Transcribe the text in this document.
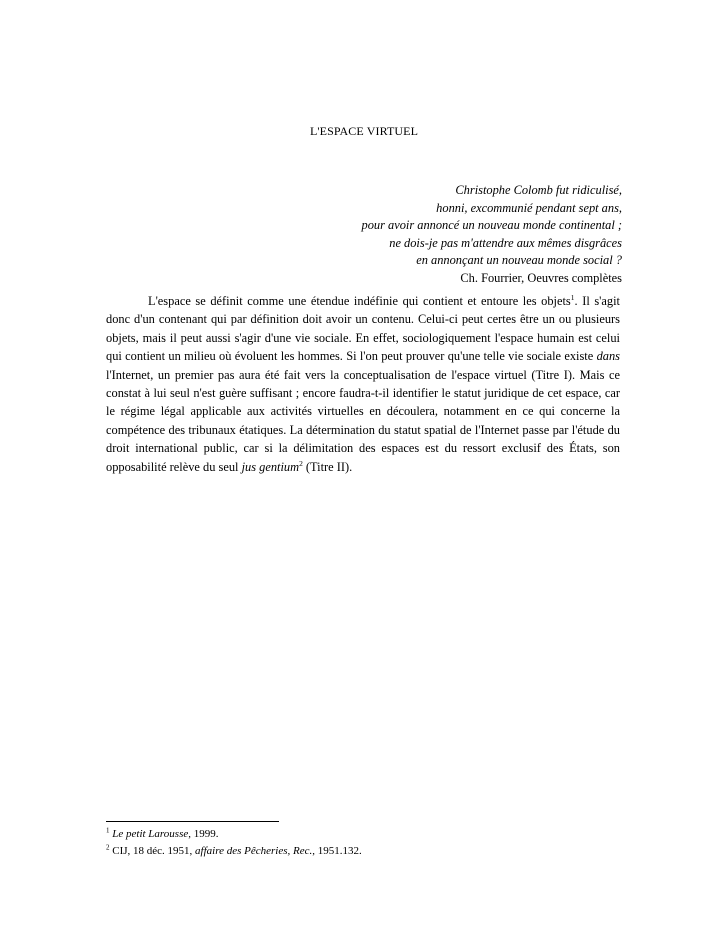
L'ESPACE VIRTUEL
Christophe Colomb fut ridiculisé,
honni, excommunié pendant sept ans,
pour avoir annoncé un nouveau monde continental ;
ne dois-je pas m'attendre aux mêmes disgrâces
en annonçant un nouveau monde social ?
Ch. Fourrier, Oeuvres complètes

L'espace se définit comme une étendue indéfinie qui contient et entoure les objets$^1$. Il s'agit donc d'un contenant qui par définition doit avoir un contenu. Celui-ci peut certes être un ou plusieurs objets, mais il peut aussi s'agir d'une vie sociale. En effet, sociologiquement l'espace humain est celui qui contient un milieu où évoluent les hommes. Si l'on peut prouver qu'une telle vie sociale existe dans l'Internet, un premier pas aura été fait vers la conceptualisation de l'espace virtuel (Titre I). Mais ce constat à lui seul n'est guère suffisant ; encore faudra-t-il identifier le statut juridique de cet espace, car le régime légal applicable aux activités virtuelles en découlera, notamment en ce qui concerne la compétence des tribunaux étatiques. La détermination du statut spatial de l'Internet passe par l'étude du droit international public, car si la délimitation des espaces est du ressort exclusif des États, son opposabilité relève du seul jus gentium$^2$ (Titre II).

$^1$ Le petit Larousse, 1999.
$^2$ CIJ, 18 déc. 1951, affaire des Pêcheries, Rec., 1951.132.
